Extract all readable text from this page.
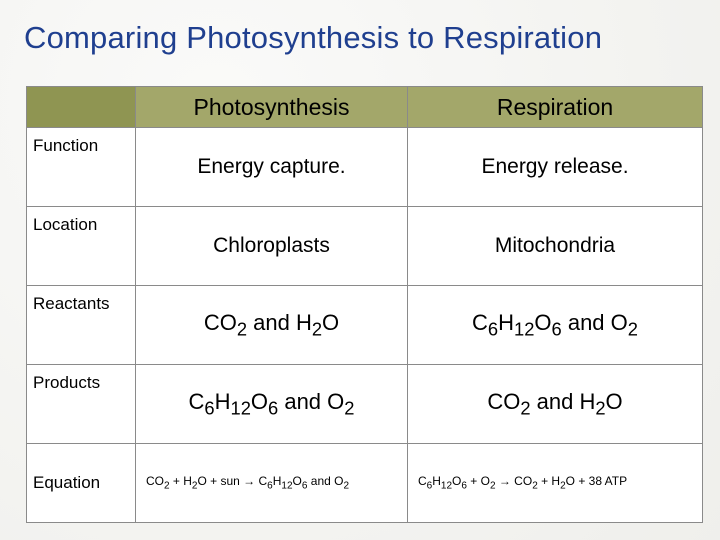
Comparing Photosynthesis to Respiration
	Photosynthesis	Respiration
Function	Energy capture.	Energy release.
Location	Chloroplasts	Mitochondria
Reactants	$CO_2$ and $H_2O$	$C_6H_{12}O_6$ and $O_2$
Products	$C_6H_{12}O_6$ and $O_2$	$CO_2$ and $H_2O$
Equation	$CO_2 + H_2O$ + sun → $C_6H_{12}O_6$ and $O_2$	$C_6H_{12}O_6 + O_2 \to CO_2 + H_2O + 38$ ATP
